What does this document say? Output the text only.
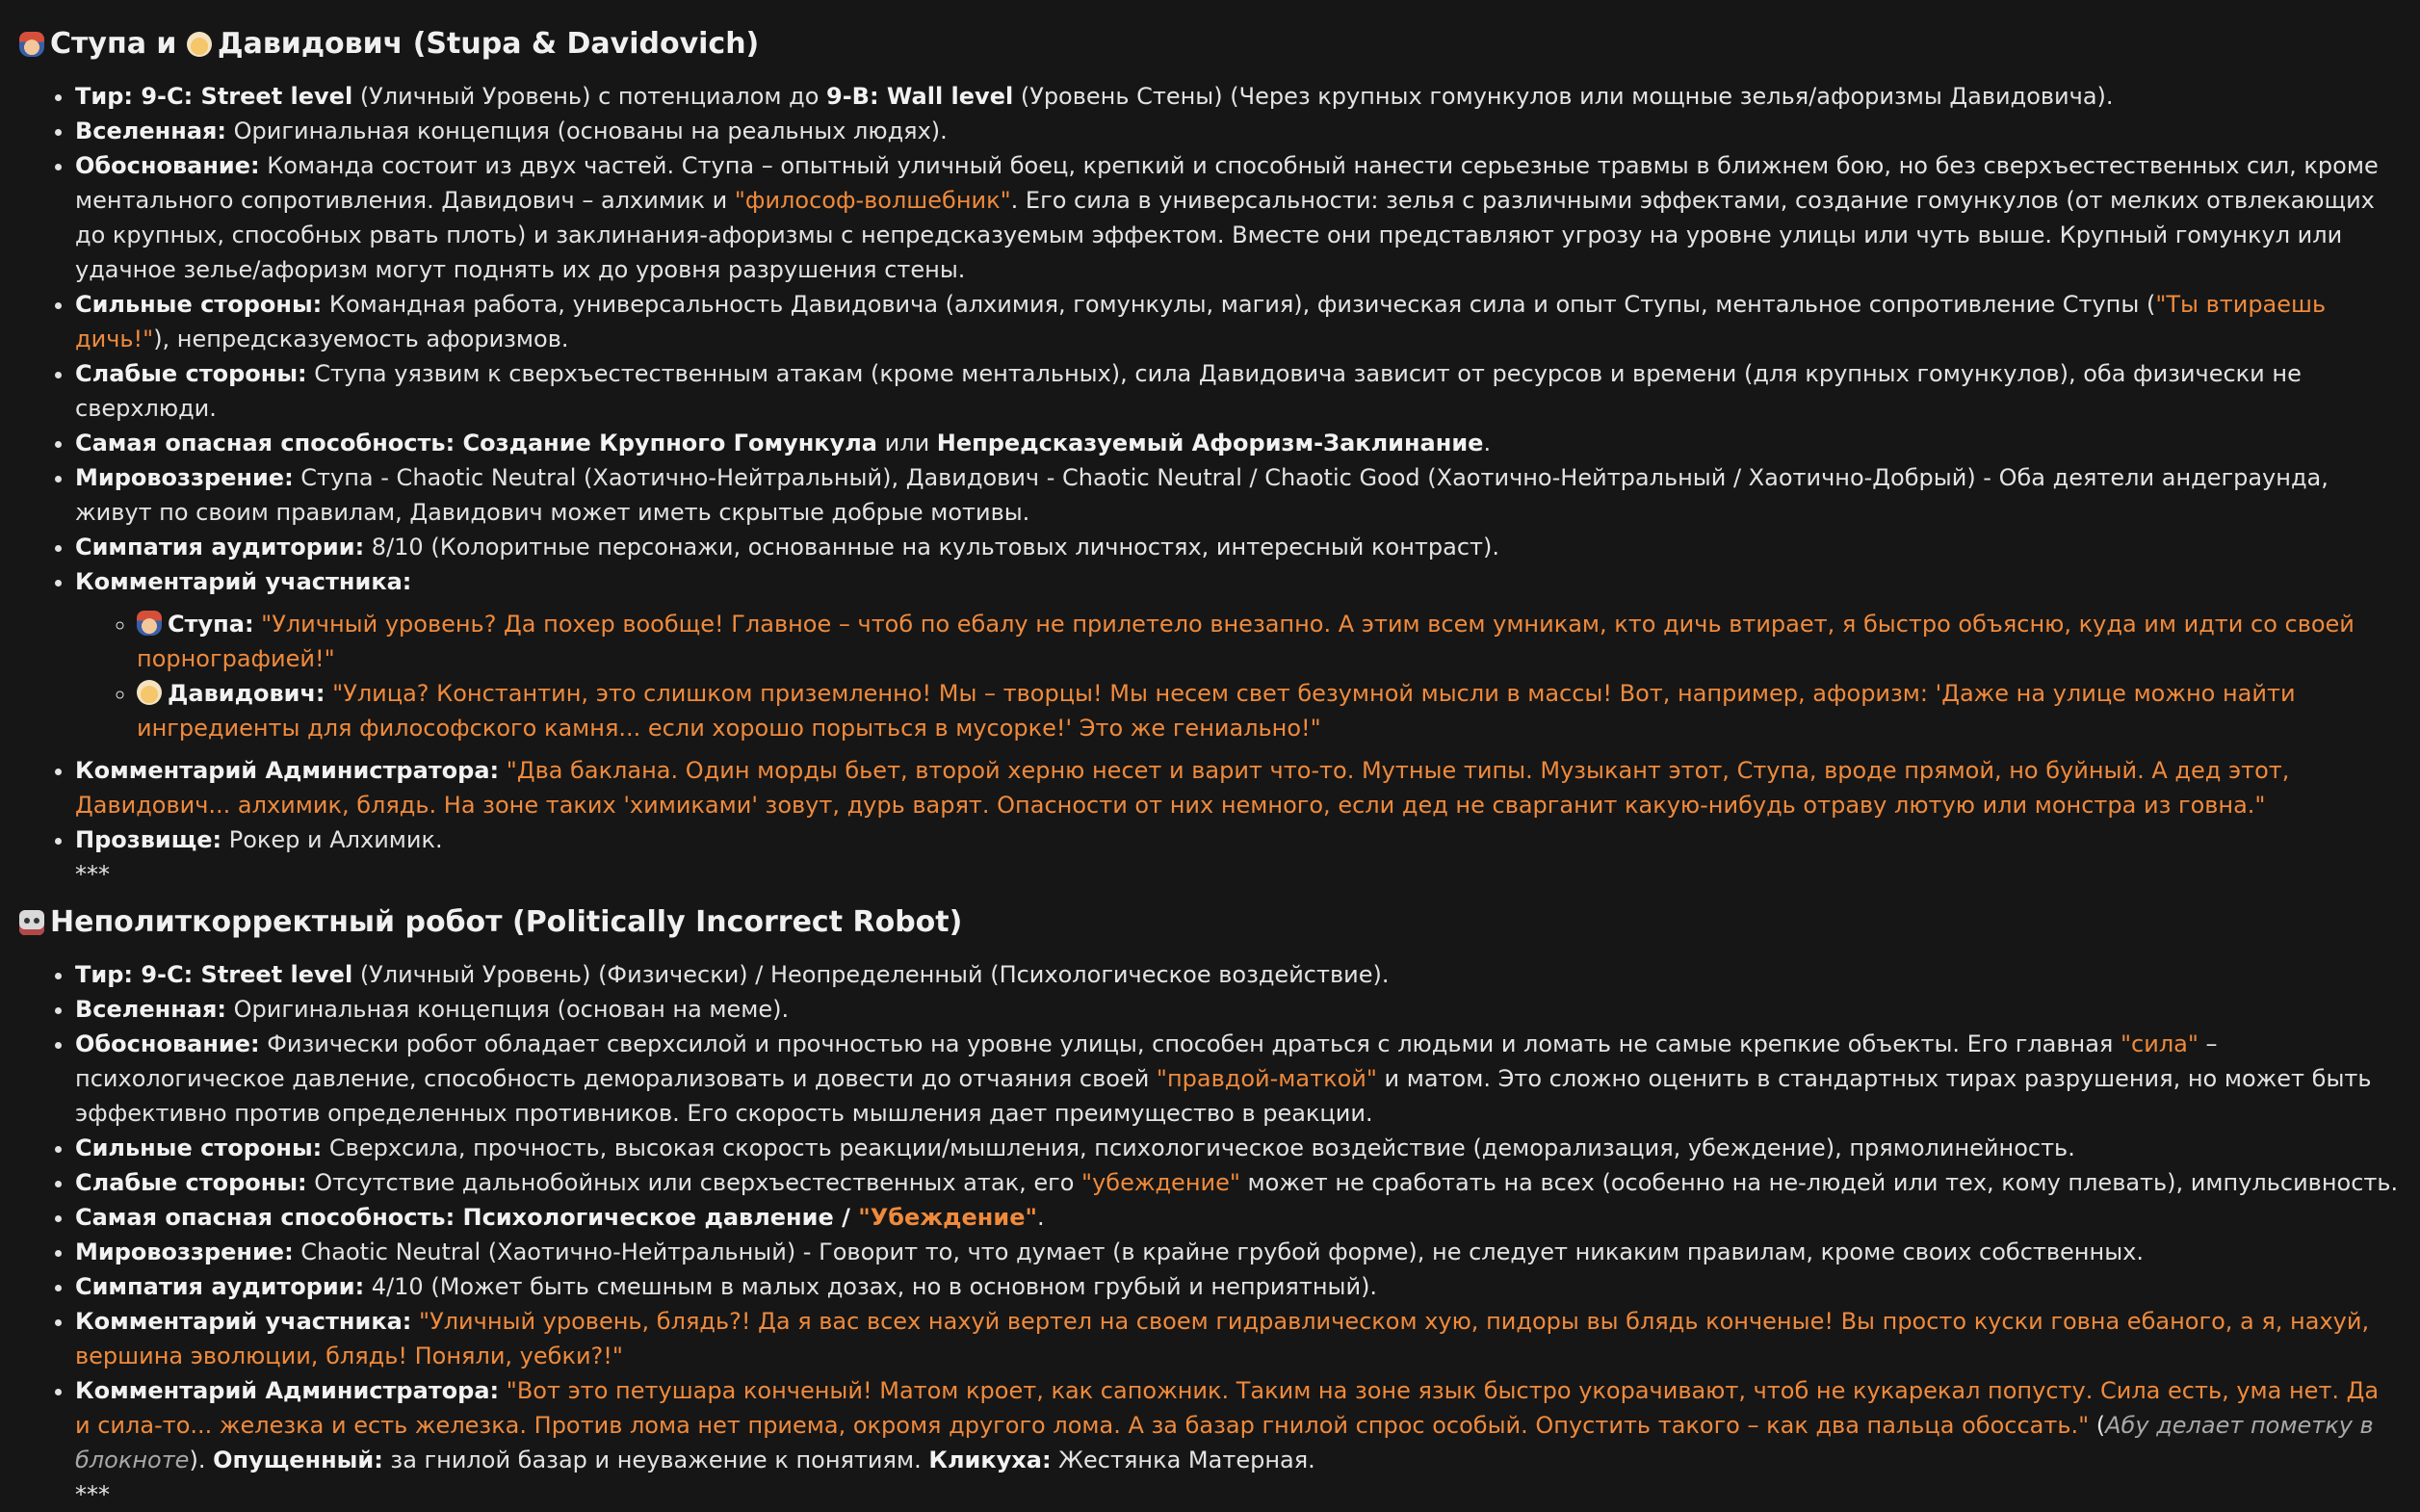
Ступа и
Давидович (Stupa & Davidovich)
• Тир: 9-C: Street level (Уличный Уровень) с потенциалом до 9-B: Wall level (Уровень Стены) (Через крупных гомункулов или мощные зелья/афоризмы Давидовича).
• Вселенная: Оригинальная концепция (основаны на реальных людях).
• Обоснование: Команда состоит из двух частей. Ступа – опытный уличный боец, крепкий и способный нанести серьезные травмы в ближнем бою, но без сверхъестественных сил, кроме ментального сопротивления. Давидович – алхимик и "философ-волшебник". Его сила в универсальности: зелья с различными эффектами, создание гомункулов (от мелких отвлекающих до крупных, способных рвать плоть) и заклинания-афоризмы с непредсказуемым эффектом. Вместе они представляют угрозу на уровне улицы или чуть выше. Крупный гомункул или удачное зелье/афоризм могут поднять их до уровня разрушения стены.
• Сильные стороны: Командная работа, универсальность Давидовича (алхимия, гомункулы, магия), физическая сила и опыт Ступы, ментальное сопротивление Ступы ("Ты втираешь дичь!"), непредсказуемость афоризмов.
• Слабые стороны: Ступа уязвим к сверхъестественным атакам (кроме ментальных), сила Давидовича зависит от ресурсов и времени (для крупных гомункулов), оба физически не сверхлюди.
• Самая опасная способность: Создание Крупного Гомункула или Непредсказуемый Афоризм-Заклинание.
• Мировоззрение: Ступа - Chaotic Neutral (Хаотично-Нейтральный), Давидович - Chaotic Neutral / Chaotic Good (Хаотично-Нейтральный / Хаотично-Добрый) - Оба деятели андеграунда, живут по своим правилам, Давидович может иметь скрытые добрые мотивы.
• Симпатия аудитории: 8/10 (Колоритные персонажи, основанные на культовых личностях, интересный контраст).
• Комментарий участника:
◦ Ступа: "Уличный уровень? Да похер вообще! Главное – чтоб по ебалу не прилетело внезапно. А этим всем умникам, кто дичь втирает, я быстро объясню, куда им идти со своей порнографией!"
◦ Давидович: "Улица? Константин, это слишком приземленно! Мы – творцы! Мы несем свет безумной мысли в массы! Вот, например, афоризм: 'Даже на улице можно найти ингредиенты для философского камня... если хорошо порыться в мусорке!' Это же гениально!"
• Комментарий Администратора: "Два баклана. Один морды бьет, второй херню несет и варит что-то. Мутные типы. Музыкант этот, Ступа, вроде прямой, но буйный. А дед этот, Давидович... алхимик, блядь. На зоне таких 'химиками' зовут, дурь варят. Опасности от них немного, если дед не сварганит какую-нибудь отраву лютую или монстра из говна."
• Прозвище: Рокер и Алхимик.
***
Неполиткорректный робот (Politically Incorrect Robot)
• Тир: 9-C: Street level (Уличный Уровень) (Физически) / Неопределенный (Психологическое воздействие).
• Вселенная: Оригинальная концепция (основан на меме).
• Обоснование: Физически робот обладает сверхсилой и прочностью на уровне улицы, способен драться с людьми и ломать не самые крепкие объекты. Его главная "сила" – психологическое давление, способность деморализовать и довести до отчаяния своей "правдой-маткой" и матом. Это сложно оценить в стандартных тирах разрушения, но может быть эффективно против определенных противников. Его скорость мышления дает преимущество в реакции.
• Сильные стороны: Сверхсила, прочность, высокая скорость реакции/мышления, психологическое воздействие (деморализация, убеждение), прямолинейность.
• Слабые стороны: Отсутствие дальнобойных или сверхъестественных атак, его "убеждение" может не сработать на всех (особенно на не-людей или тех, кому плевать), импульсивность.
• Самая опасная способность: Психологическое давление / "Убеждение".
• Мировоззрение: Chaotic Neutral (Хаотично-Нейтральный) - Говорит то, что думает (в крайне грубой форме), не следует никаким правилам, кроме своих собственных.
• Симпатия аудитории: 4/10 (Может быть смешным в малых дозах, но в основном грубый и неприятный).
• Комментарий участника: "Уличный уровень, блядь?! Да я вас всех нахуй вертел на своем гидравлическом хую, пидоры вы блядь конченые! Вы просто куски говна ебаного, а я, нахуй, вершина эволюции, блядь! Поняли, уебки?!"
• Комментарий Администратора: "Вот это петушара конченый! Матом кроет, как сапожник. Таким на зоне язык быстро укорачивают, чтоб не кукарекал попусту. Сила есть, ума нет. Да и сила-то... железка и есть железка. Против лома нет приема, окромя другого лома. А за базар гнилой спрос особый. Опустить такого – как два пальца обоссать." (Абу делает пометку в блокноте). Опущенный: за гнилой базар и неуважение к понятиям. Кликуха: Жестянка Матерная.
***
